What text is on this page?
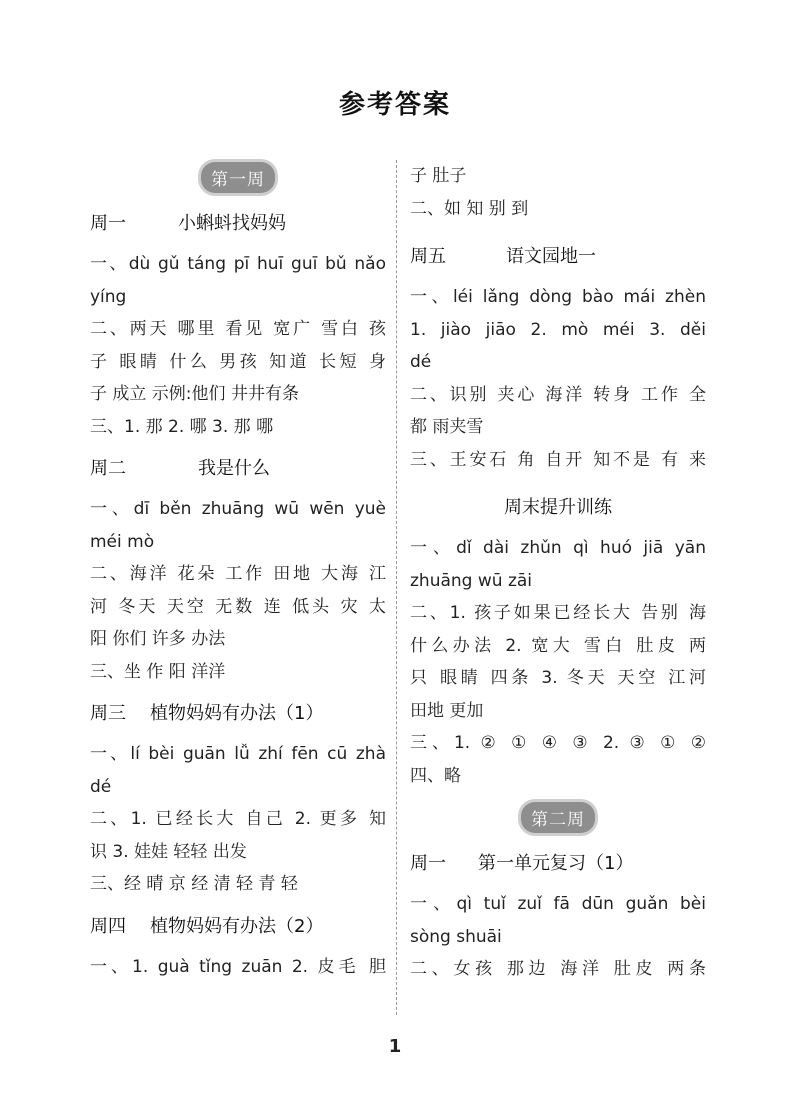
参考答案
第一周
周一	小蝌蚪找妈妈
一、dù gǔ táng pī huī guī bǔ nǎo
yíng
二、两天 哪里 看见 宽广 雪白 孩
子 眼睛 什么 男孩 知道 长短 身
子 成立 示例:他们 井井有条
三、1. 那 2. 哪 3. 那 哪
周二	我是什么
一、dī běn zhuāng wū wēn yuè
méi mò
二、海洋 花朵 工作 田地 大海 江
河 冬天 天空 无数 连 低头 灾 太
阳 你们 许多 办法
三、坐 作 阳 洋洋
周三	植物妈妈有办法（1）
一、lí bèi guān lǚ zhí fēn cū zhà
dé
二、1. 已经长大 自己 2. 更多 知
识 3. 娃娃 轻轻 出发
三、经 晴 京 经 清 轻 青 轻
周四	植物妈妈有办法（2）
一、1. guà tǐng zuān 2. 皮毛 胆
子 肚子
二、如 知 别 到
周五	语文园地一
一、léi lǎng dòng bào mái zhèn
1. jiào jiāo 2. mò méi 3. děi
dé
二、识别 夹心 海洋 转身 工作 全
都 雨夹雪
三、王安石 角 自开 知不是 有 来
周末提升训练
一、dǐ dài zhǔn qì huó jiā yān
zhuāng wū zāi
二、1. 孩子如果已经长大 告别 海
什么办法 2. 宽大 雪白 肚皮 两
只 眼睛 四条 3. 冬天 天空 江河
田地 更加
三、1. ② ① ④ ③ 2. ③ ① ②
四、略
第二周
周一	第一单元复习（1）
一、qì tuǐ zuǐ fā dūn guǎn bèi
sòng shuāi
二、女孩 那边 海洋 肚皮 两条
1
